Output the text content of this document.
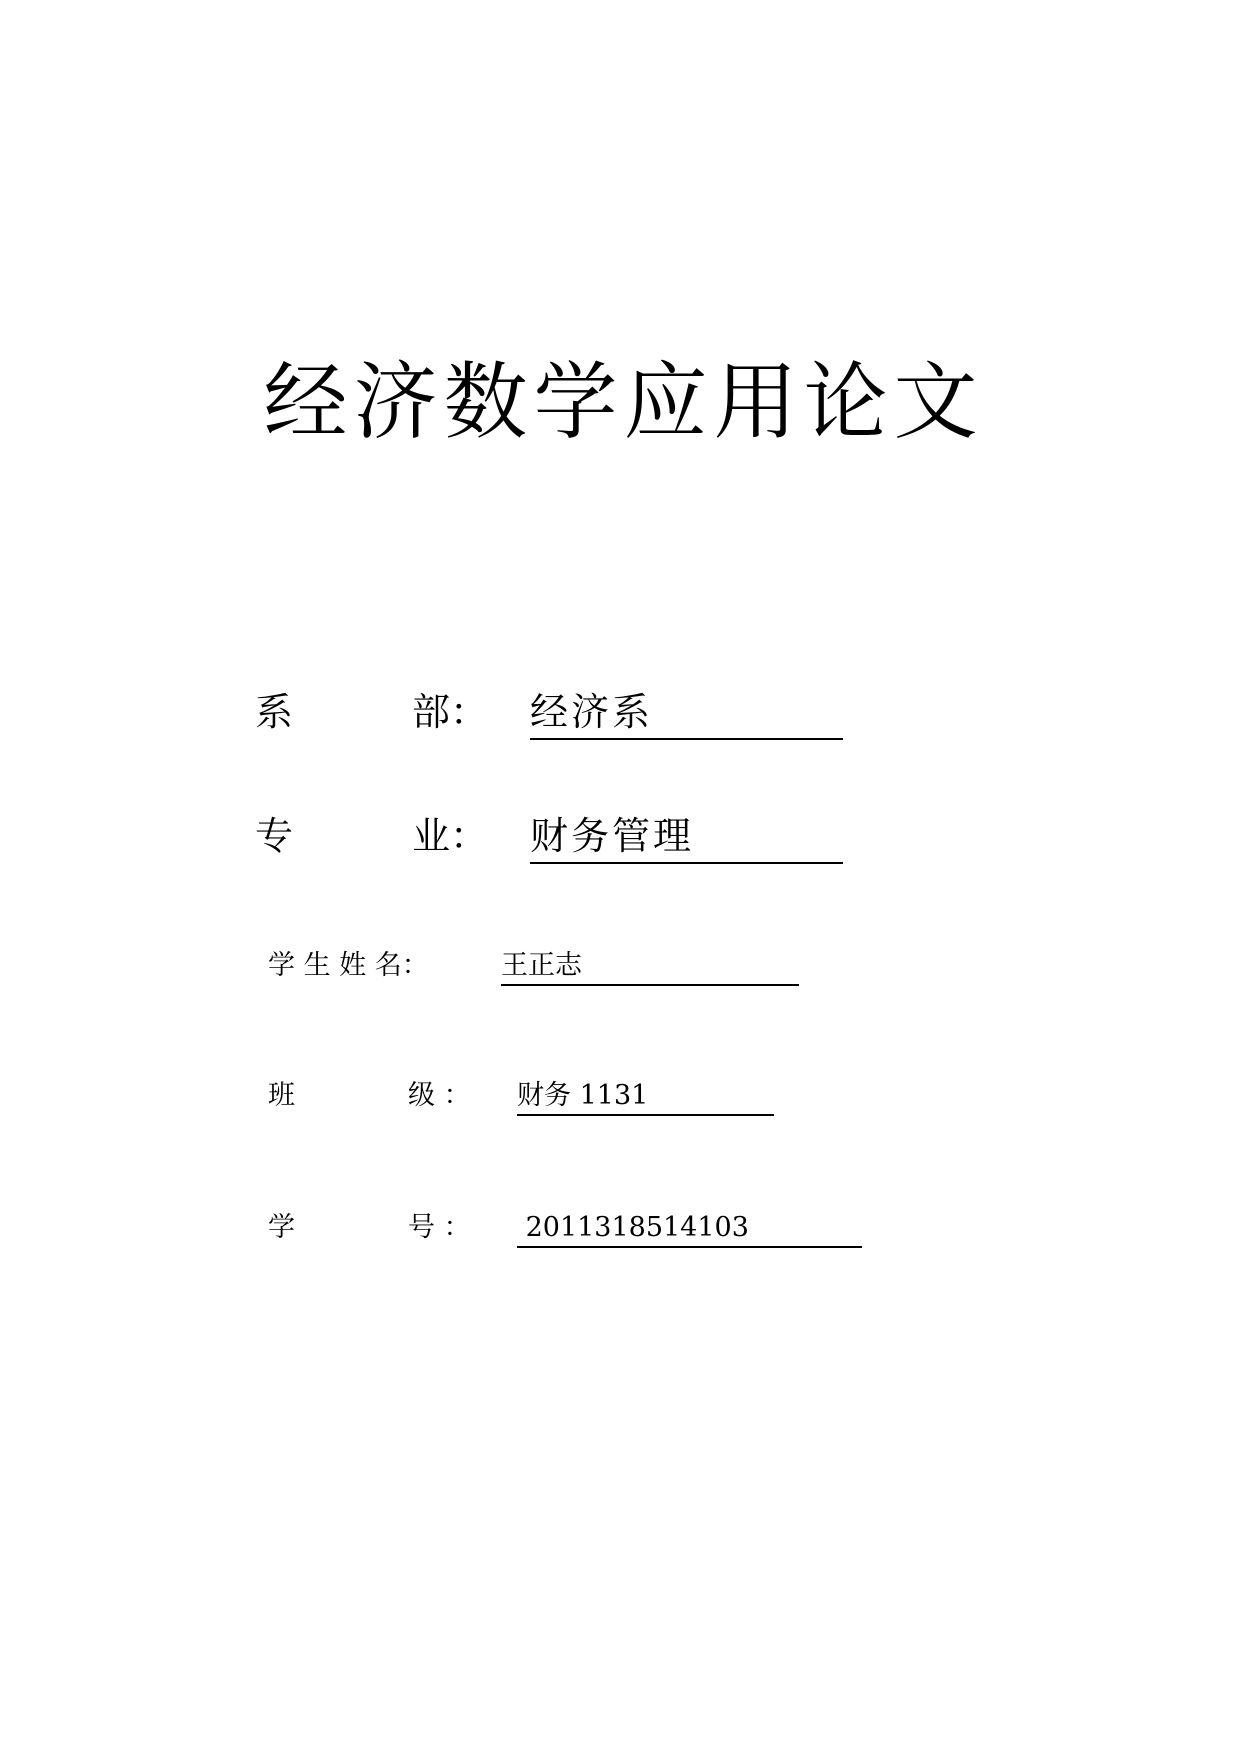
经济数学应用论文
系	部： 经济系
专	业： 财务管理
学 生 姓 名：	王正志
班	级 ： 财务 1131
学	号 ： 2011318514103
